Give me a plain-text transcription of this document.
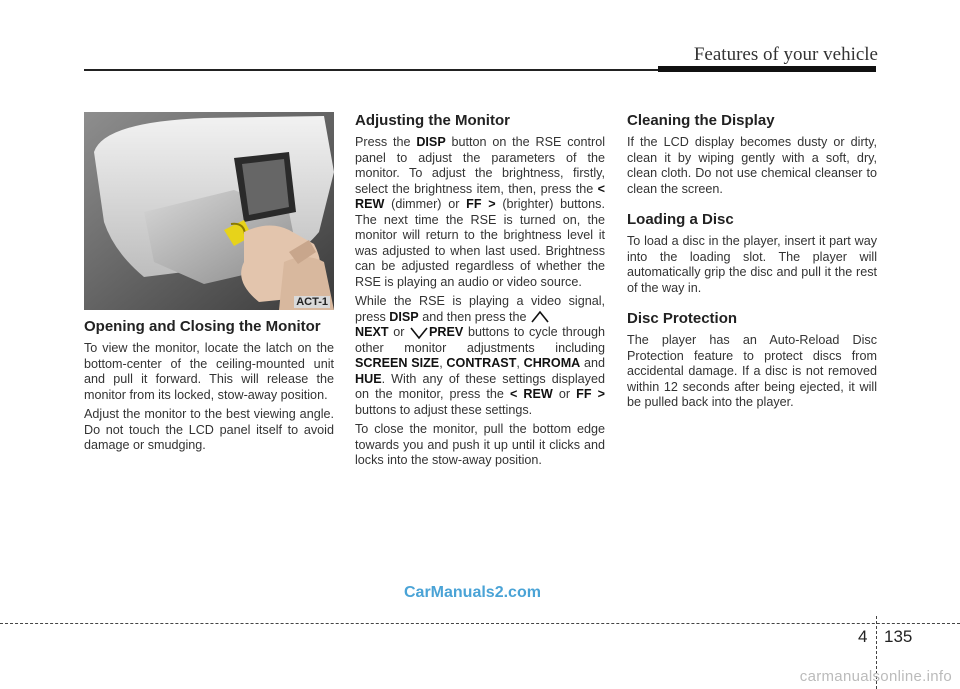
Features of your vehicle
ACT-1
Opening and Closing the Monitor

To view the monitor, locate the latch on the bottom-center of the ceiling-mounted unit and pull it forward. This will release the monitor from its locked, stow-away position.

Adjust the monitor to the best viewing angle. Do not touch the LCD panel itself to avoid damage or smudging.

Adjusting the Monitor

Press the DISP button on the RSE control panel to adjust the parameters of the monitor. To adjust the brightness, firstly, select the brightness item, then, press the < REW (dimmer) or FF > (brighter) buttons. The next time the RSE is turned on, the monitor will return to the brightness level it was adjusted to when last used. Brightness can be adjusted regardless of whether the RSE is playing an audio or video source.

While the RSE is playing a video signal, press DISP and then press the
NEXT or PREV buttons to cycle through other monitor adjustments including SCREEN SIZE, CONTRAST, CHROMA and HUE. With any of these settings displayed on the monitor, press the < REW or FF > buttons to adjust these settings.

To close the monitor, pull the bottom edge towards you and push it up until it clicks and locks into the stow-away position.

Cleaning the Display

If the LCD display becomes dusty or dirty, clean it by wiping gently with a soft, dry, clean cloth. Do not use chemical cleanser to clean the screen.

Loading a Disc

To load a disc in the player, insert it part way into the loading slot. The player will automatically grip the disc and pull it the rest of the way in.

Disc Protection

The player has an Auto-Reload Disc Protection feature to protect discs from accidental damage. If a disc is not removed within 12 seconds after being ejected, it will be pulled back into the player.

CarManuals2.com
4 135
carmanualsonline.info
